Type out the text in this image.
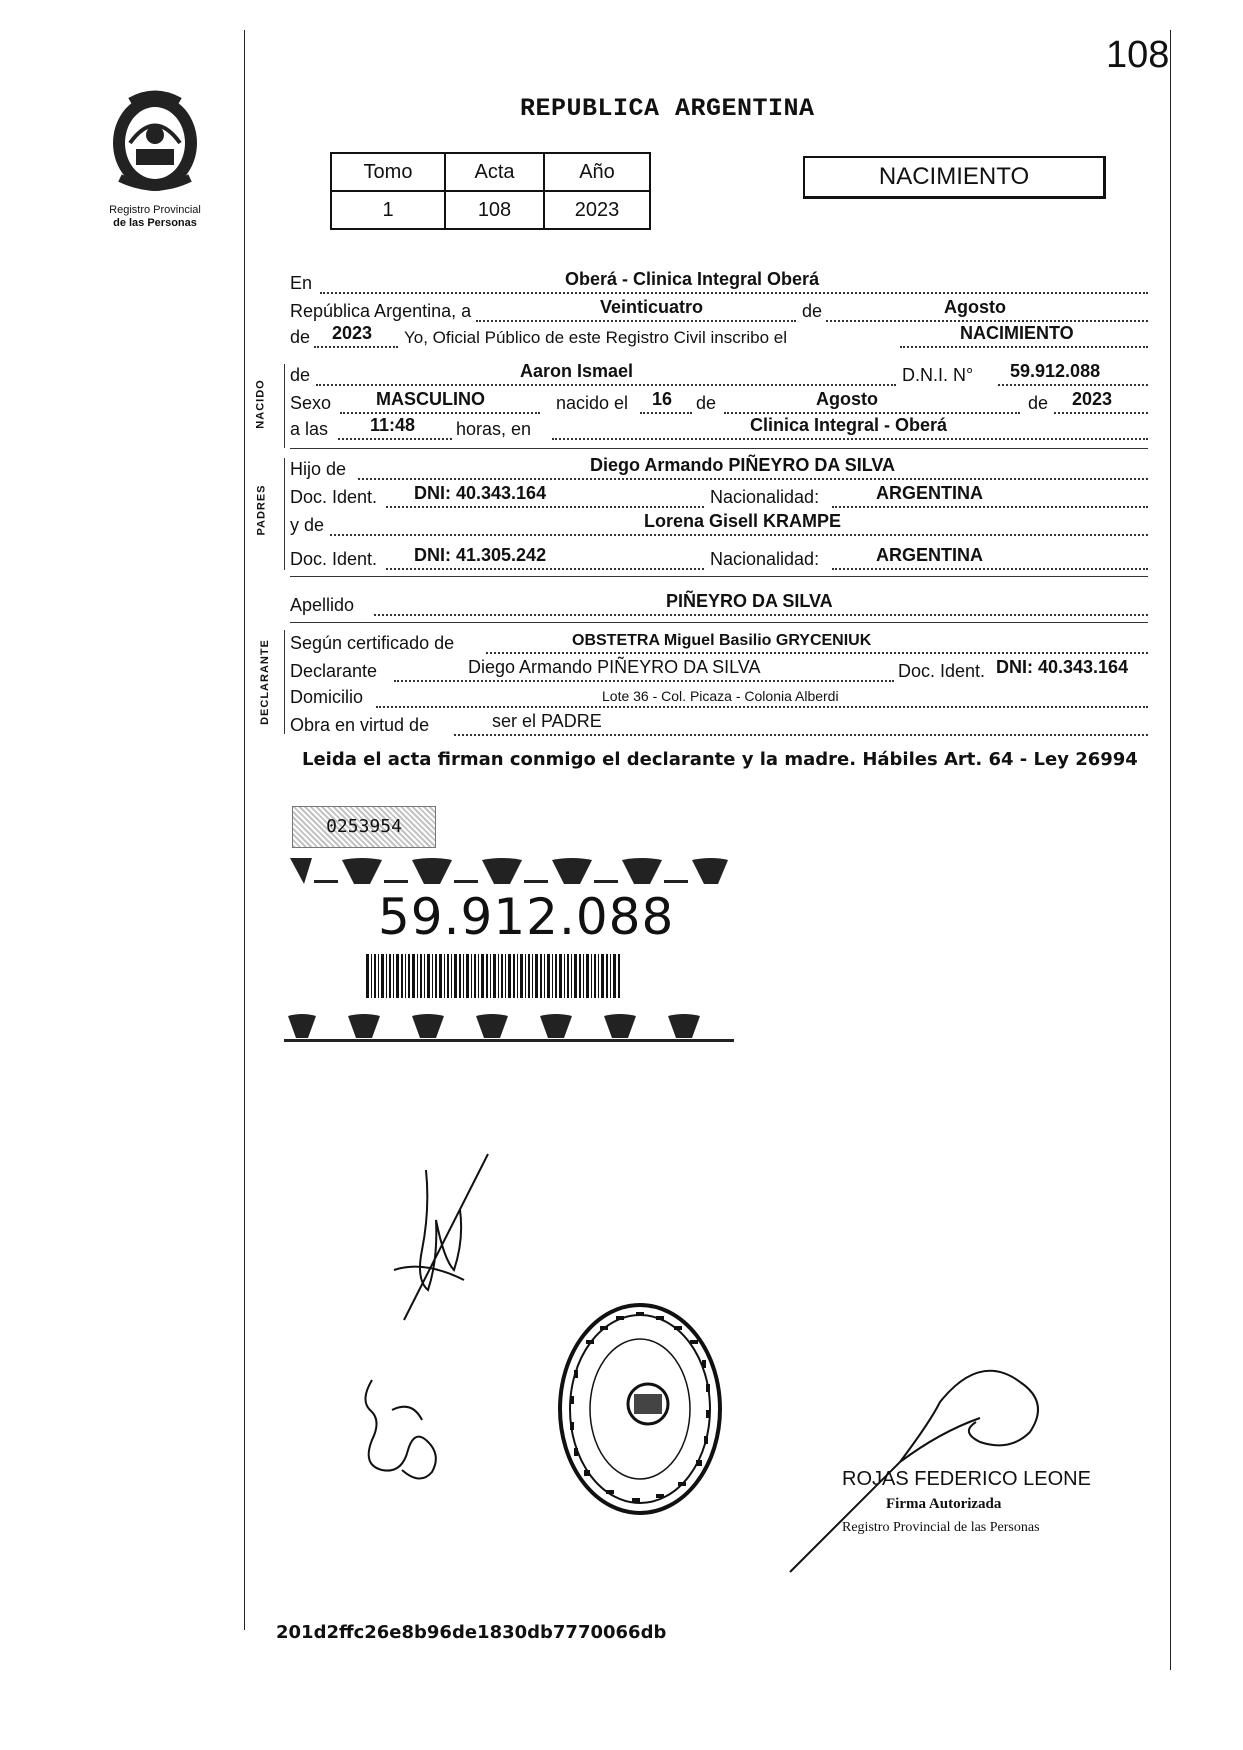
108
Registro Provincial
de las Personas
REPUBLICA ARGENTINA
Tomo	Acta	Año
1	108	2023
NACIMIENTO
En	Oberá - Clinica Integral Oberá
República Argentina, a	Veinticuatro	de	Agosto
de 2023 Yo, Oficial Público de este Registro Civil inscribo el	NACIMIENTO
NACIDO
de	Aaron Ismael	D.N.I. N° 59.912.088
Sexo MASCULINO	nacido el 16 de	Agosto	de 2023
a las 11:48 horas, en	Clinica Integral - Oberá
PADRES
Hijo de	Diego Armando PIÑEYRO DA SILVA
Doc. Ident. DNI: 40.343.164	Nacionalidad:	ARGENTINA
y de	Lorena Gisell KRAMPE
Doc. Ident. DNI: 41.305.242	Nacionalidad:	ARGENTINA
Apellido	PIÑEYRO DA SILVA
DECLARANTE Según certificado de	OBSTETRA Miguel Basilio GRYCENIUK
Declarante	Diego Armando PIÑEYRO DA SILVA	Doc. Ident. DNI: 40.343.164
Domicilio	Lote 36 - Col. Picaza - Colonia Alberdi
Obra en virtud de	ser el PADRE
Leida el acta firman conmigo el declarante y la madre. Hábiles Art. 64 - Ley 26994
0253954
59.912.088
ROJAS FEDERICO LEONE
Firma Autorizada
Registro Provincial de las Personas
201d2ffc26e8b96de1830db7770066db
